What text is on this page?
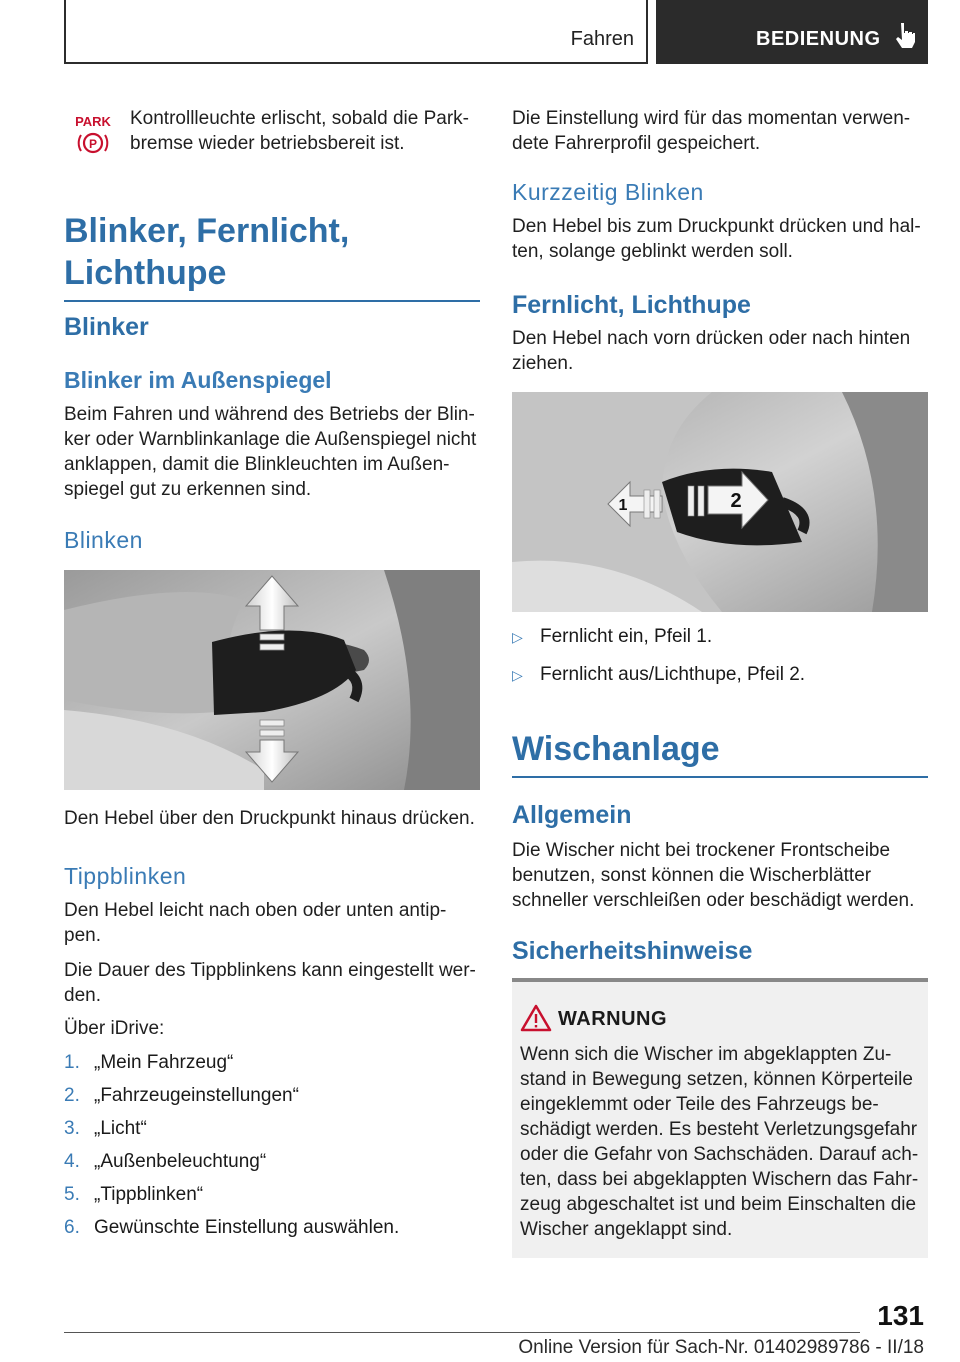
Fahren	BEDIENUNG
PARK
P

Kontrollleuchte erlischt, sobald die Park-
bremse wieder betriebsbereit ist.

Blinker, Fernlicht,
Lichthupe
Blinker
Blinker im Außenspiegel

Beim Fahren und während des Betriebs der Blin-
ker oder Warnblinkanlage die Außenspiegel nicht
anklappen, damit die Blinkleuchten im Außen-
spiegel gut zu erkennen sind.

Blinken

Den Hebel über den Druckpunkt hinaus drücken.

Tippblinken

Den Hebel leicht nach oben oder unten antip-
pen.

Die Dauer des Tippblinkens kann eingestellt wer-
den.

Über iDrive:

1. „Mein Fahrzeug“
2. „Fahrzeugeinstellungen“
3. „Licht“
4. „Außenbeleuchtung“
5. „Tippblinken“
6. Gewünschte Einstellung auswählen.

Die Einstellung wird für das momentan verwen-
dete Fahrerprofil gespeichert.

Kurzzeitig Blinken

Den Hebel bis zum Druckpunkt drücken und hal-
ten, solange geblinkt werden soll.

Fernlicht, Lichthupe

Den Hebel nach vorn drücken oder nach hinten
ziehen.

1	2
▷ Fernlicht ein, Pfeil 1.
▷ Fernlicht aus/Lichthupe, Pfeil 2.
Wischanlage
Allgemein

Die Wischer nicht bei trockener Frontscheibe
benutzen, sonst können die Wischerblätter
schneller verschleißen oder beschädigt werden.

Sicherheitshinweise
WARNUNG
Wenn sich die Wischer im abgeklappten Zu-
stand in Bewegung setzen, können Körperteile
eingeklemmt oder Teile des Fahrzeugs be-
schädigt werden. Es besteht Verletzungsgefahr
oder die Gefahr von Sachschäden. Darauf ach-
ten, dass bei abgeklappten Wischern das Fahr-
zeug abgeschaltet ist und beim Einschalten die
Wischer angeklappt sind.
131
Online Version für Sach-Nr. 01402989786 - II/18
